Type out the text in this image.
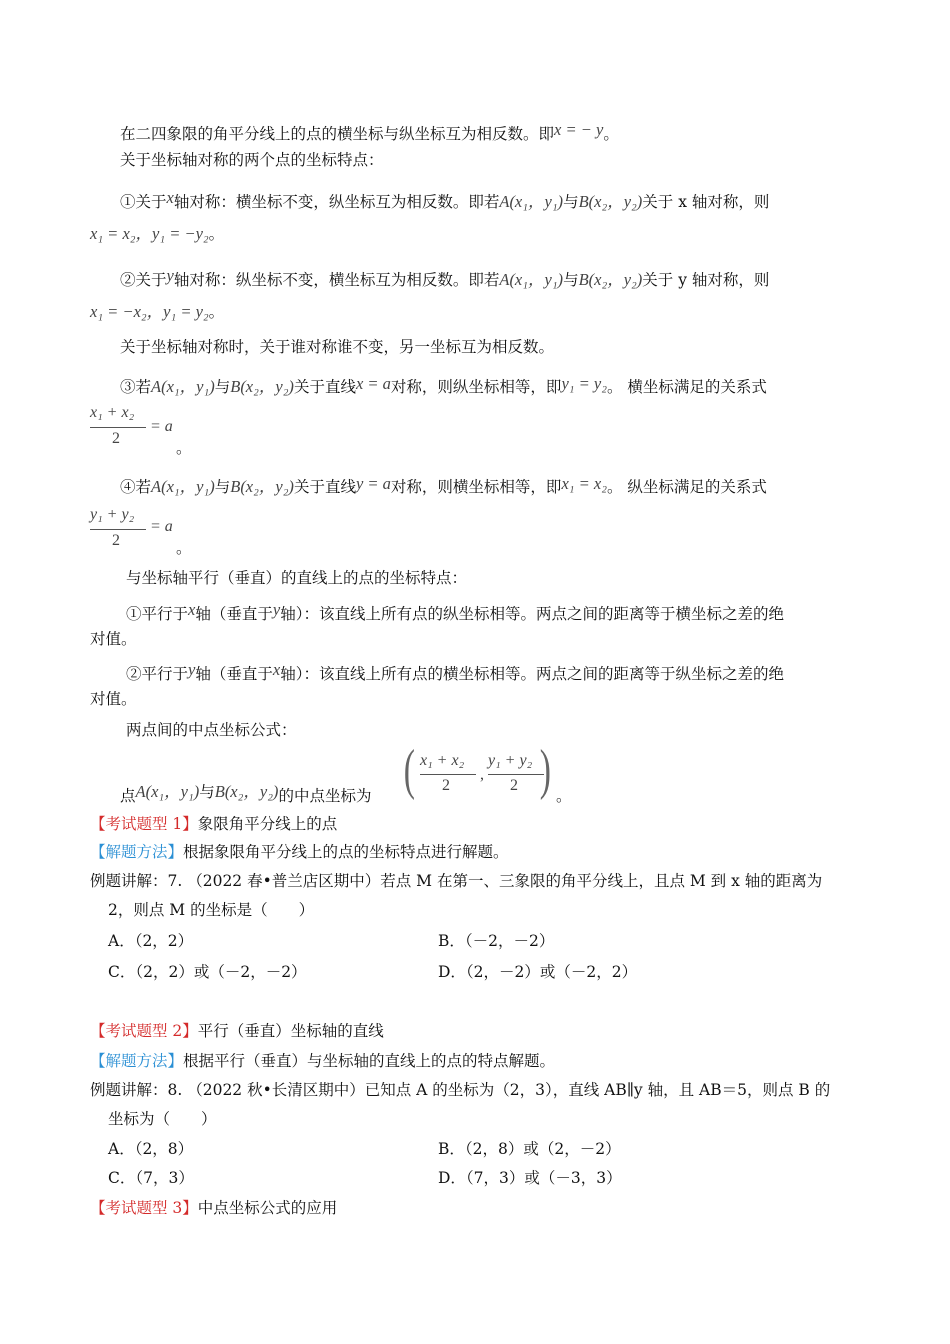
在二四象限的角平分线上的点的横坐标与纵坐标互为相反数。即x = − y。
关于坐标轴对称的两个点的坐标特点：
①关于x轴对称：横坐标不变，纵坐标互为相反数。即若A(x₁，y₁)与B(x₂，y₂)关于 x 轴对称，则
x₁ = x₂，y₁ = −y₂。
②关于y轴对称：纵坐标不变，横坐标互为相反数。即若A(x₁，y₁)与B(x₂，y₂)关于 y 轴对称，则
x₁ = −x₂，y₁ = y₂。
关于坐标轴对称时，关于谁对称谁不变，另一坐标互为相反数。
③若A(x₁，y₁)与B(x₂，y₂)关于直线x = a对称，则纵坐标相等，即y₁ = y₂。 横坐标满足的关系式
x₁ + x₂
2
= a
。
④若A(x₁，y₁)与B(x₂，y₂)关于直线y = a对称，则横坐标相等，即x₁ = x₂。 纵坐标满足的关系式
y₁ + y₂
2
= a
。
与坐标轴平行（垂直）的直线上的点的坐标特点：
①平行于x轴（垂直于y轴）：该直线上所有点的纵坐标相等。两点之间的距离等于横坐标之差的绝
对值。
②平行于y轴（垂直于x轴）：该直线上所有点的横坐标相等。两点之间的距离等于纵坐标之差的绝
对值。
两点间的中点坐标公式：
点A(x₁，y₁)与B(x₂，y₂)的中点坐标为 ( x₁ + x₂
2
,
y₁ + y₂
2 ) 。
【考试题型 1】象限角平分线上的点
【解题方法】根据象限角平分线上的点的坐标特点进行解题。
例题讲解：7. （2022 春•普兰店区期中）若点 M 在第一、三象限的角平分线上，且点 M 到 x 轴的距离为
2，则点 M 的坐标是（　　）
A．（2，2）	B．（－2，－2）
C．（2，2）或（－2，－2）	D．（2，－2）或（－2，2）
【考试题型 2】平行（垂直）坐标轴的直线
【解题方法】根据平行（垂直）与坐标轴的直线上的点的特点解题。
例题讲解：8. （2022 秋•长清区期中）已知点 A 的坐标为（2，3），直线 AB∥y 轴，且 AB＝5，则点 B 的
坐标为（　　）
A．（2，8）	B．（2，8）或（2，－2）
C．（7，3）	D．（7，3）或（－3，3）
【考试题型 3】中点坐标公式的应用
